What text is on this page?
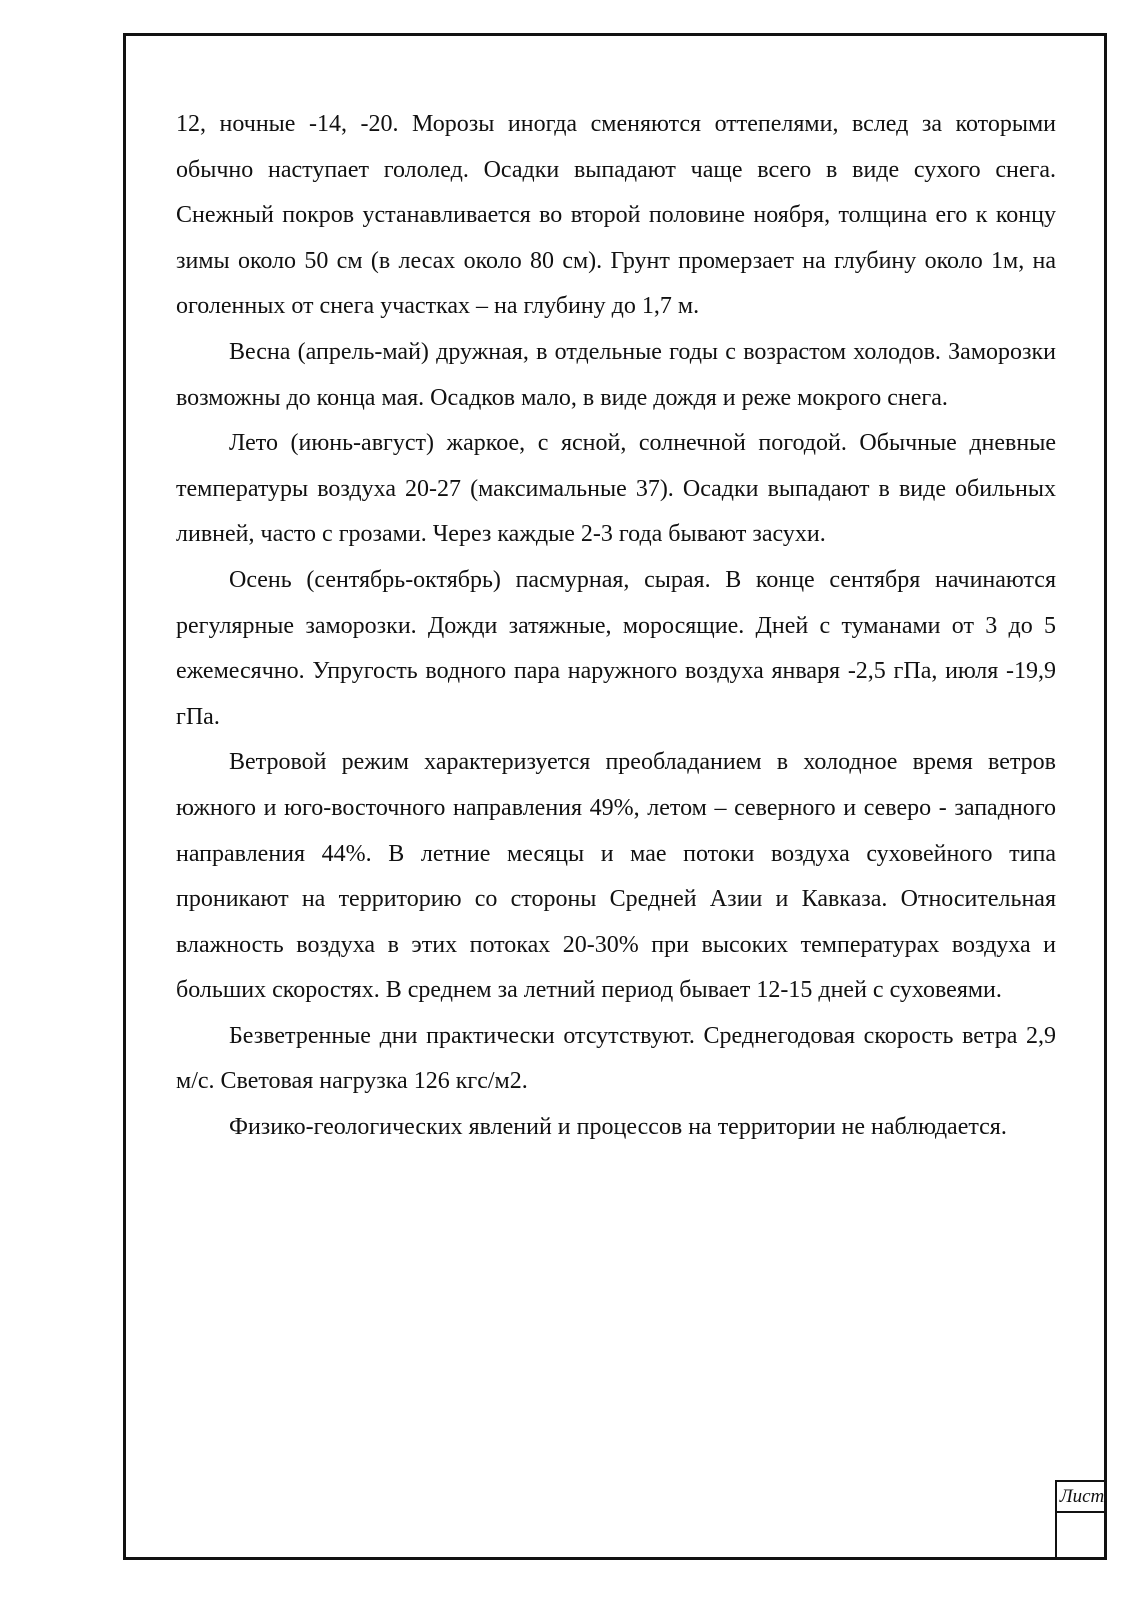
12, ночные -14, -20. Морозы иногда сменяются оттепелями, вслед за которыми обычно наступает гололед. Осадки выпадают чаще всего в виде сухого снега. Снежный покров устанавливается во второй половине ноября, толщина его к концу зимы около 50 см (в лесах около 80 см). Грунт промерзает на глубину около 1м, на оголенных от снега участках – на глубину до 1,7 м.

Весна (апрель-май) дружная, в отдельные годы с возрастом холодов. Заморозки возможны до конца мая. Осадков мало, в виде дождя и реже мокрого снега.

Лето (июнь-август) жаркое, с ясной, солнечной погодой. Обычные дневные температуры воздуха 20-27 (максимальные 37). Осадки выпадают в виде обильных ливней, часто с грозами. Через каждые 2-3 года бывают засухи.

Осень (сентябрь-октябрь) пасмурная, сырая. В конце сентября начинаются регулярные заморозки. Дожди затяжные, моросящие. Дней с туманами от 3 до 5 ежемесячно. Упругость водного пара наружного воздуха января -2,5 гПа, июля -19,9 гПа.

Ветровой режим характеризуется преобладанием в холодное время ветров южного и юго-восточного направления 49%, летом – северного и северо - западного направления 44%. В летние месяцы и мае потоки воздуха суховейного типа проникают на территорию со стороны Средней Азии и Кавказа. Относительная влажность воздуха в этих потоках 20-30% при высоких температурах воздуха и больших скоростях. В среднем за летний период бывает 12-15 дней с суховеями.

Безветренные дни практически отсутствуют. Среднегодовая скорость ветра 2,9 м/с. Световая нагрузка 126 кгс/м2.

Физико-геологических явлений и процессов на территории не наблюдается.

Лист
